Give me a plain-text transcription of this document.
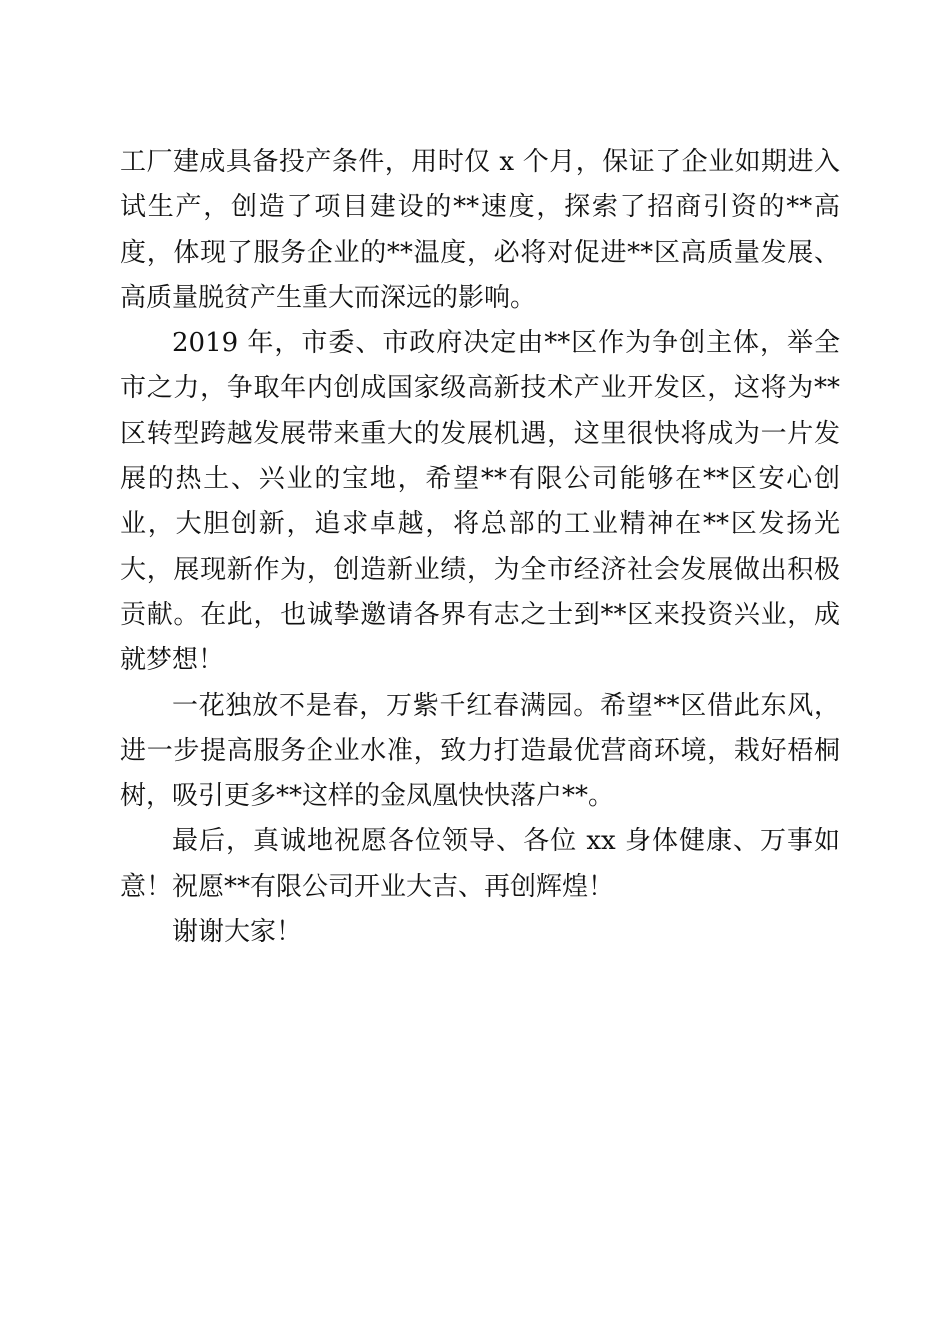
工厂建成具备投产条件，用时仅 x 个月，保证了企业如期进入试生产，创造了项目建设的**速度，探索了招商引资的**高度，体现了服务企业的**温度，必将对促进**区高质量发展、高质量脱贫产生重大而深远的影响。

2019 年，市委、市政府决定由**区作为争创主体，举全市之力，争取年内创成国家级高新技术产业开发区，这将为**区转型跨越发展带来重大的发展机遇，这里很快将成为一片发展的热土、兴业的宝地，希望**有限公司能够在**区安心创业，大胆创新，追求卓越，将总部的工业精神在**区发扬光大，展现新作为，创造新业绩，为全市经济社会发展做出积极贡献。在此，也诚挚邀请各界有志之士到**区来投资兴业，成就梦想！

一花独放不是春，万紫千红春满园。希望**区借此东风，进一步提高服务企业水准，致力打造最优营商环境，栽好梧桐树，吸引更多**这样的金凤凰快快落户**。

最后，真诚地祝愿各位领导、各位 xx 身体健康、万事如意！祝愿**有限公司开业大吉、再创辉煌！

谢谢大家！
